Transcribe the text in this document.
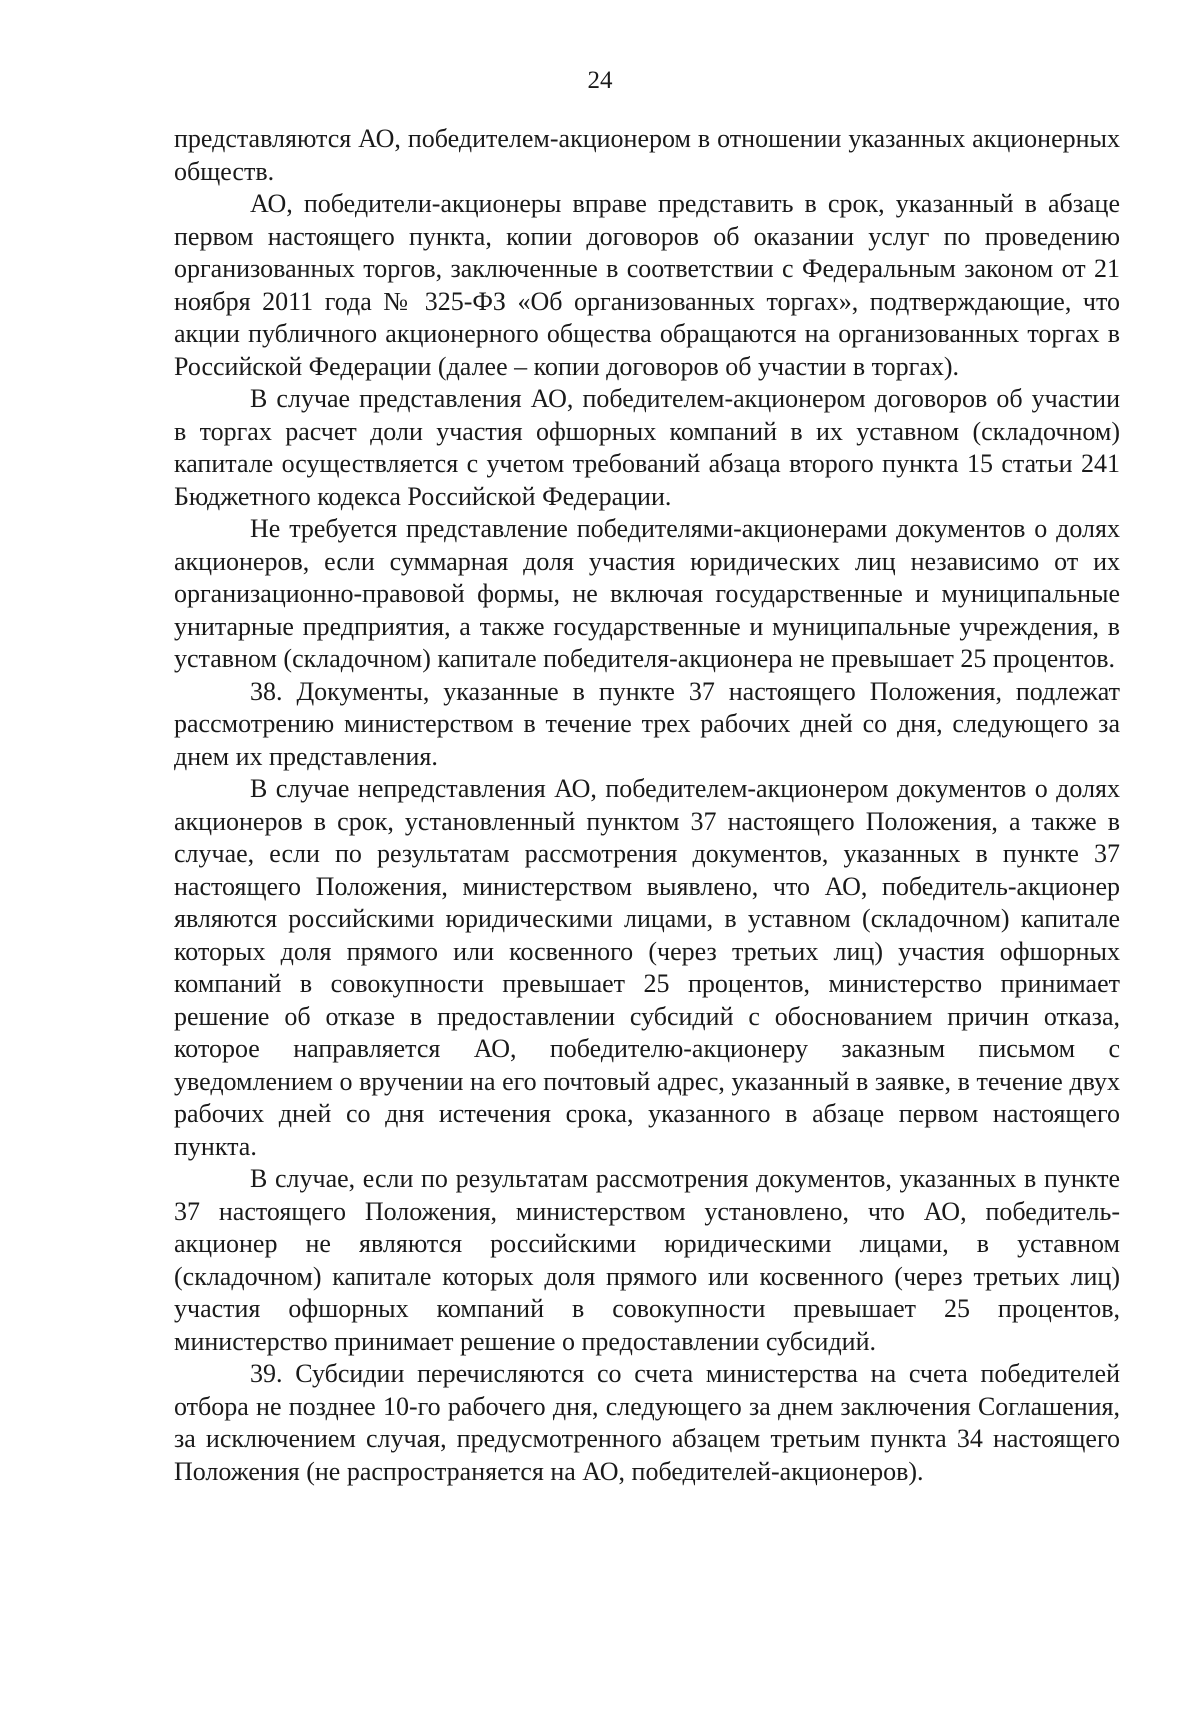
24

представляются АО, победителем-акционером в отношении указанных акционерных обществ.

АО, победители-акционеры вправе представить в срок, указанный в абзаце первом настоящего пункта, копии договоров об оказании услуг по проведению организованных торгов, заключенные в соответствии с Федеральным законом от 21 ноября 2011 года № 325-ФЗ «Об организованных торгах», подтверждающие, что акции публичного акционерного общества обращаются на организованных торгах в Российской Федерации (далее – копии договоров об участии в торгах).

В случае представления АО, победителем-акционером договоров об участии в торгах расчет доли участия офшорных компаний в их уставном (складочном) капитале осуществляется с учетом требований абзаца второго пункта 15 статьи 241 Бюджетного кодекса Российской Федерации.

Не требуется представление победителями-акционерами документов о долях акционеров, если суммарная доля участия юридических лиц независимо от их организационно-правовой формы, не включая государственные и муниципальные унитарные предприятия, а также государственные и муниципальные учреждения, в уставном (складочном) капитале победителя-акционера не превышает 25 процентов.

38. Документы, указанные в пункте 37 настоящего Положения, подлежат рассмотрению министерством в течение трех рабочих дней со дня, следующего за днем их представления.

В случае непредставления АО, победителем-акционером документов о долях акционеров в срок, установленный пунктом 37 настоящего Положения, а также в случае, если по результатам рассмотрения документов, указанных в пункте 37 настоящего Положения, министерством выявлено, что АО, победитель-акционер являются российскими юридическими лицами, в уставном (складочном) капитале которых доля прямого или косвенного (через третьих лиц) участия офшорных компаний в совокупности превышает 25 процентов, министерство принимает решение об отказе в предоставлении субсидий с обоснованием причин отказа, которое направляется АО, победителю-акционеру заказным письмом с уведомлением о вручении на его почтовый адрес, указанный в заявке, в течение двух рабочих дней со дня истечения срока, указанного в абзаце первом настоящего пункта.

В случае, если по результатам рассмотрения документов, указанных в пункте 37 настоящего Положения, министерством установлено, что АО, победитель-акционер не являются российскими юридическими лицами, в уставном (складочном) капитале которых доля прямого или косвенного (через третьих лиц) участия офшорных компаний в совокупности превышает 25 процентов, министерство принимает решение о предоставлении субсидий.

39. Субсидии перечисляются со счета министерства на счета победителей отбора не позднее 10-го рабочего дня, следующего за днем заключения Соглашения, за исключением случая, предусмотренного абзацем третьим пункта 34 настоящего Положения (не распространяется на АО, победителей-акционеров).
